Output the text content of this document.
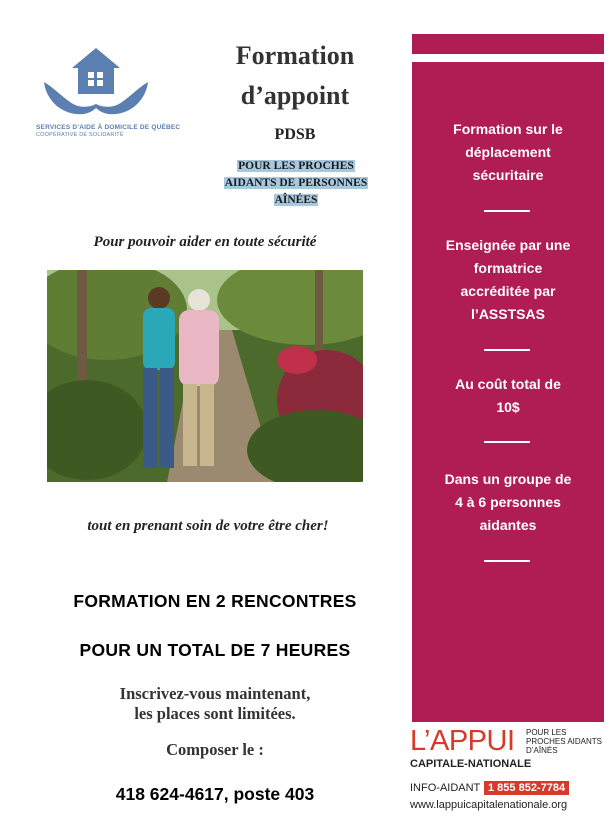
SERVICES D’AIDE À DOMICILE DE QUÉBEC
COOPÉRATIVE DE SOLIDARITÉ
Formation
d’appoint
PDSB
POUR LES PROCHES
AIDANTS DE PERSONNES
AÎNÉES
Pour pouvoir aider en toute sécurité
tout en prenant soin de votre être cher!
FORMATION EN 2 RENCONTRES
POUR UN TOTAL DE 7 HEURES
Inscrivez-vous maintenant,
les places sont limitées.
Composer le :
418 624-4617, poste 403
Formation sur le
déplacement
sécuritaire
Enseignée par une
formatrice
accréditée par
l’ASSTSAS
Au coût total de
10$
Dans un groupe de
4 à 6 personnes
aidantes
L’APPUI POUR LES
PROCHES AIDANTS
D’AÎNÉS
CAPITALE-NATIONALE
INFO-AIDANT 1 855 852-7784
www.lappuicapitalenationale.org
